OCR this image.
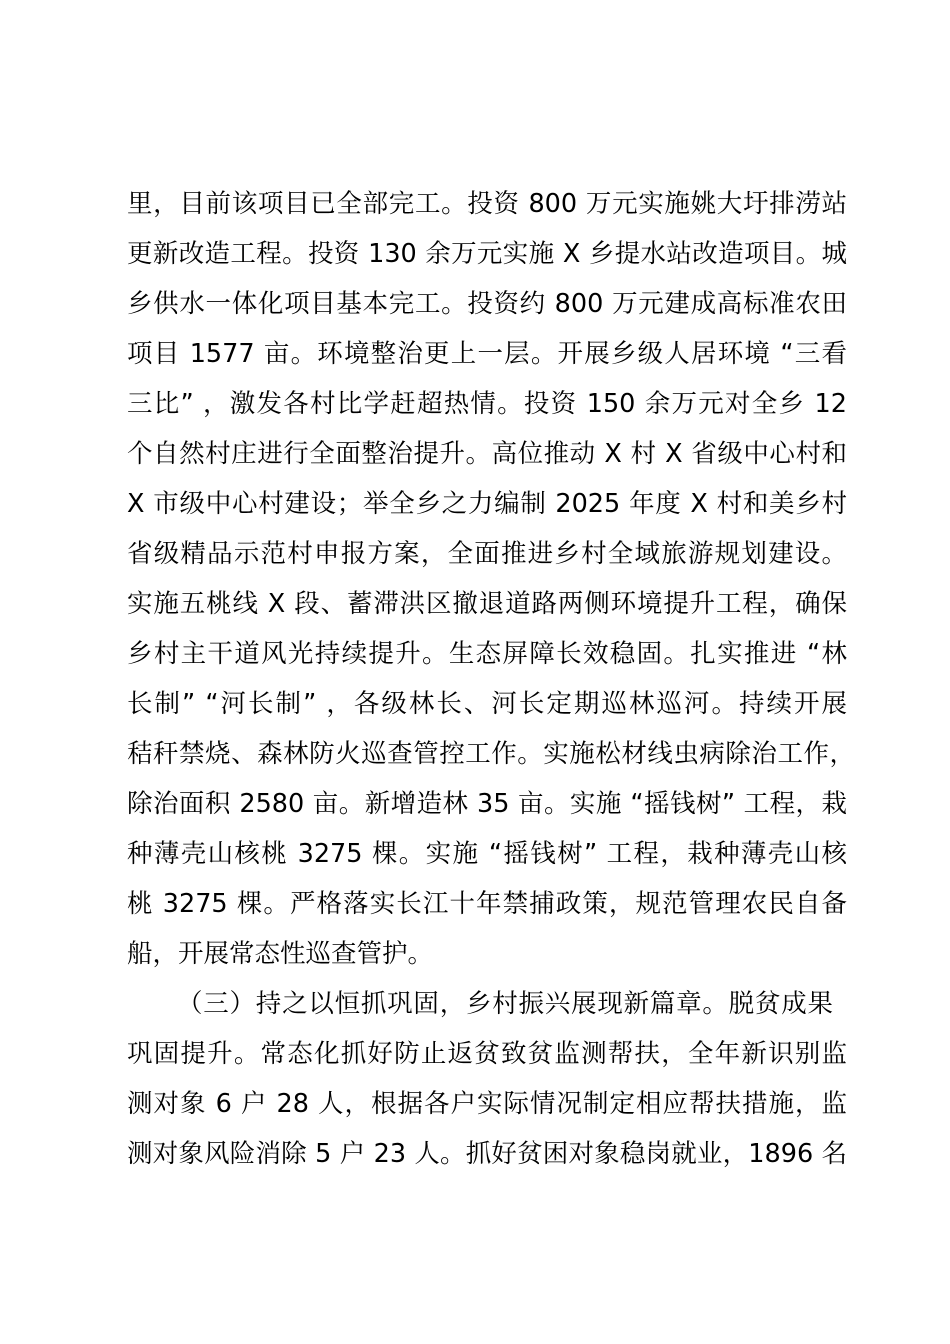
里，目前该项目已全部完工。投资 800 万元实施姚大圩排涝站
更新改造工程。投资 130 余万元实施 X 乡提水站改造项目。城
乡供水一体化项目基本完工。投资约 800 万元建成高标准农田
项目 1577 亩。环境整治更上一层。开展乡级人居环境 “三看
三比” ，激发各村比学赶超热情。投资 150 余万元对全乡 12
个自然村庄进行全面整治提升。高位推动 X 村 X 省级中心村和
X 市级中心村建设；举全乡之力编制 2025 年度 X 村和美乡村
省级精品示范村申报方案，全面推进乡村全域旅游规划建设。
实施五桃线 X 段、蓄滞洪区撤退道路两侧环境提升工程，确保
乡村主干道风光持续提升。生态屏障长效稳固。扎实推进 “林
长制” “河长制” ，各级林长、河长定期巡林巡河。持续开展
秸秆禁烧、森林防火巡查管控工作。实施松材线虫病除治工作，
除治面积 2580 亩。新增造林 35 亩。实施 “摇钱树” 工程，栽
种薄壳山核桃 3275 棵。实施 “摇钱树” 工程，栽种薄壳山核
桃 3275 棵。严格落实长江十年禁捕政策，规范管理农民自备
船，开展常态性巡查管护。
（三）持之以恒抓巩固，乡村振兴展现新篇章。脱贫成果
巩固提升。常态化抓好防止返贫致贫监测帮扶，全年新识别监
测对象 6 户 28 人，根据各户实际情况制定相应帮扶措施，监
测对象风险消除 5 户 23 人。抓好贫困对象稳岗就业，1896 名
